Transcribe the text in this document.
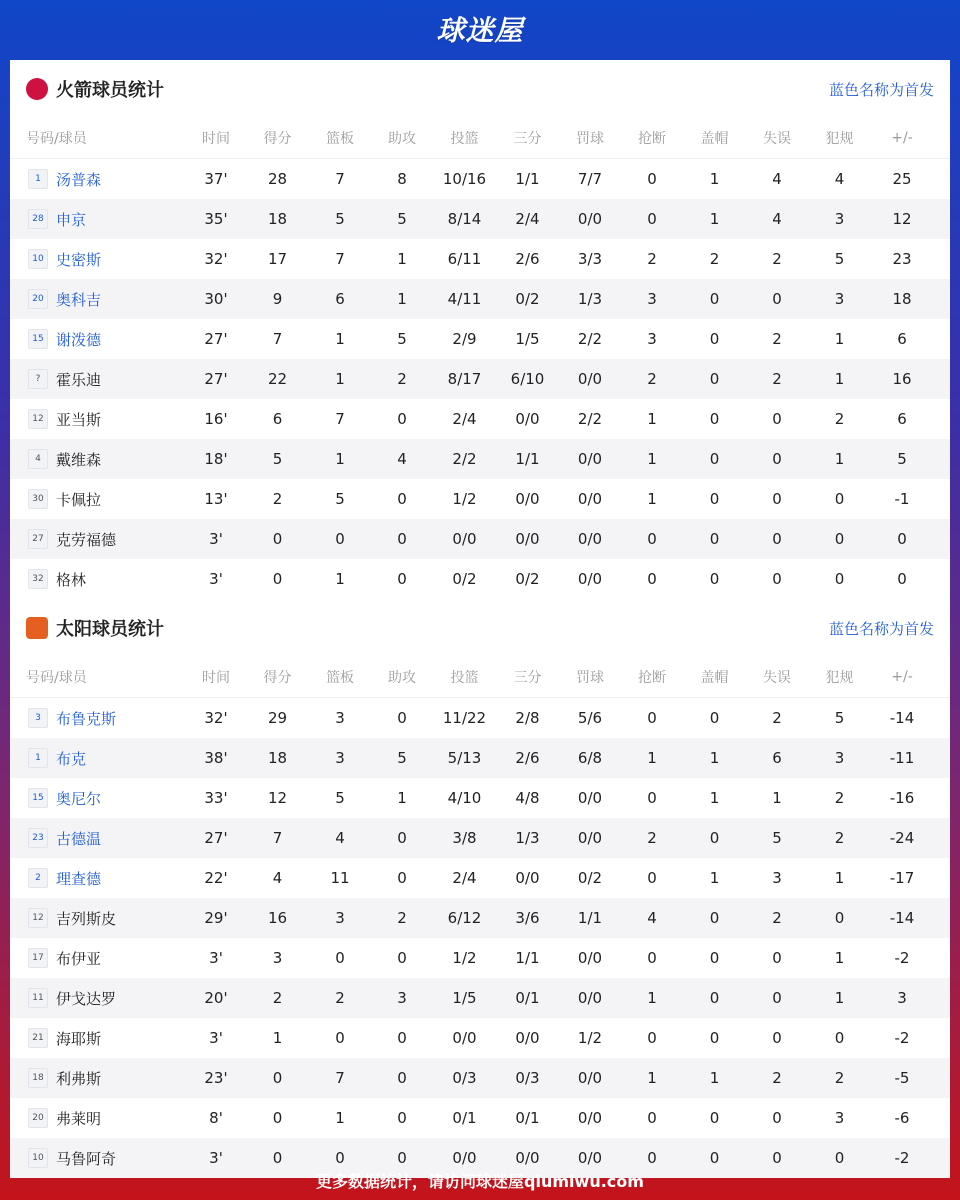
球迷屋
火箭球员统计	蓝色名称为首发
号码/球员	时间	得分	篮板	助攻	投篮	三分	罚球	抢断	盖帽	失误	犯规	+/-
1	汤普森	37'	28	7	8	10/16	1/1	7/7	0	1	4	4	25
28 申京	35'	18	5	5	8/14	2/4	0/0	0	1	4	3	12
10 史密斯	32'	17	7	1	6/11	2/6	3/3	2	2	2	5	23
20 奥科吉	30'	9	6	1	4/11	0/2	1/3	3	0	0	3	18
15 谢泼德	27'	7	1	5	2/9	1/5	2/2	3	0	2	1	6
?	霍乐迪	27'	22	1	2	8/17	6/10	0/0	2	0	2	1	16
12 亚当斯	16'	6	7	0	2/4	0/0	2/2	1	0	0	2	6
4	戴维森	18'	5	1	4	2/2	1/1	0/0	1	0	0	1	5
30 卡佩拉	13'	2	5	0	1/2	0/0	0/0	1	0	0	0	-1
27 克劳福德	3'	0	0	0	0/0	0/0	0/0	0	0	0	0	0
32 格林	3'	0	1	0	0/2	0/2	0/0	0	0	0	0	0
太阳球员统计	蓝色名称为首发
号码/球员	时间	得分	篮板	助攻	投篮	三分	罚球	抢断	盖帽	失误	犯规	+/-
3	布鲁克斯	32'	29	3	0	11/22	2/8	5/6	0	0	2	5	-14
1	布克	38'	18	3	5	5/13	2/6	6/8	1	1	6	3	-11
15 奥尼尔	33'	12	5	1	4/10	4/8	0/0	0	1	1	2	-16
23 古德温	27'	7	4	0	3/8	1/3	0/0	2	0	5	2	-24
2	理查德	22'	4	11	0	2/4	0/0	0/2	0	1	3	1	-17
12 吉列斯皮	29'	16	3	2	6/12	3/6	1/1	4	0	2	0	-14
17 布伊亚	3'	3	0	0	1/2	1/1	0/0	0	0	0	1	-2
11 伊戈达罗	20'	2	2	3	1/5	0/1	0/0	1	0	0	1	3
21 海耶斯	3'	1	0	0	0/0	0/0	1/2	0	0	0	0	-2
18 利弗斯	23'	0	7	0	0/3	0/3	0/0	1	1	2	2	-5
20 弗莱明	8'	0	1	0	0/1	0/1	0/0	0	0	0	3	-6
10 马鲁阿奇	3'	0	0	0	0/0	0/0	0/0	0	0	0	0	-2
更多数据统计，请访问球迷屋qiumiwu.com
